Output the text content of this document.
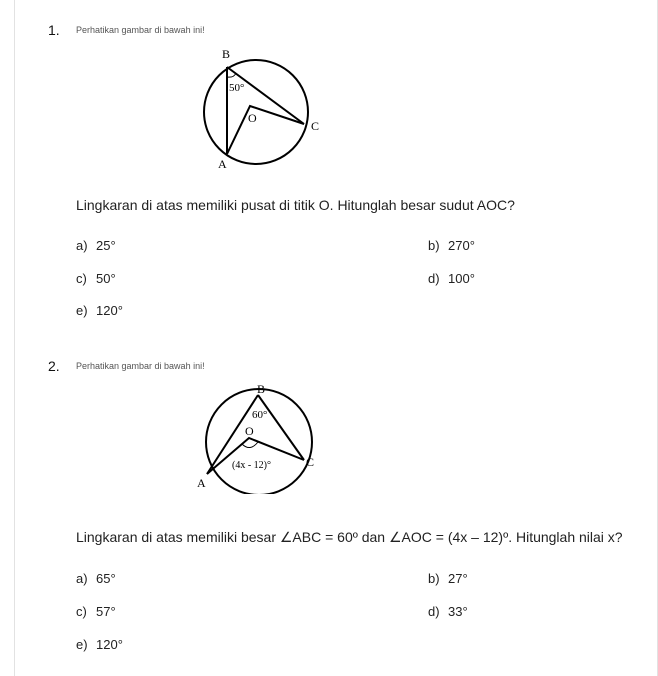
1. Perhatikan gambar di bawah ini!
B
A
C
O
50°
Lingkaran di atas memiliki pusat di titik O. Hitunglah besar sudut AOC?
a) 25°	b) 270°
c) 50°	d) 100°
e) 120°
2. Perhatikan gambar di bawah ini!
B
A
C
O
60°
(4x - 12)°
Lingkaran di atas memiliki besar ∠ABC = 60º dan ∠AOC = (4x – 12)º. Hitunglah nilai x?
a) 65°	b) 27°
c) 57°	d) 33°
e) 120°
